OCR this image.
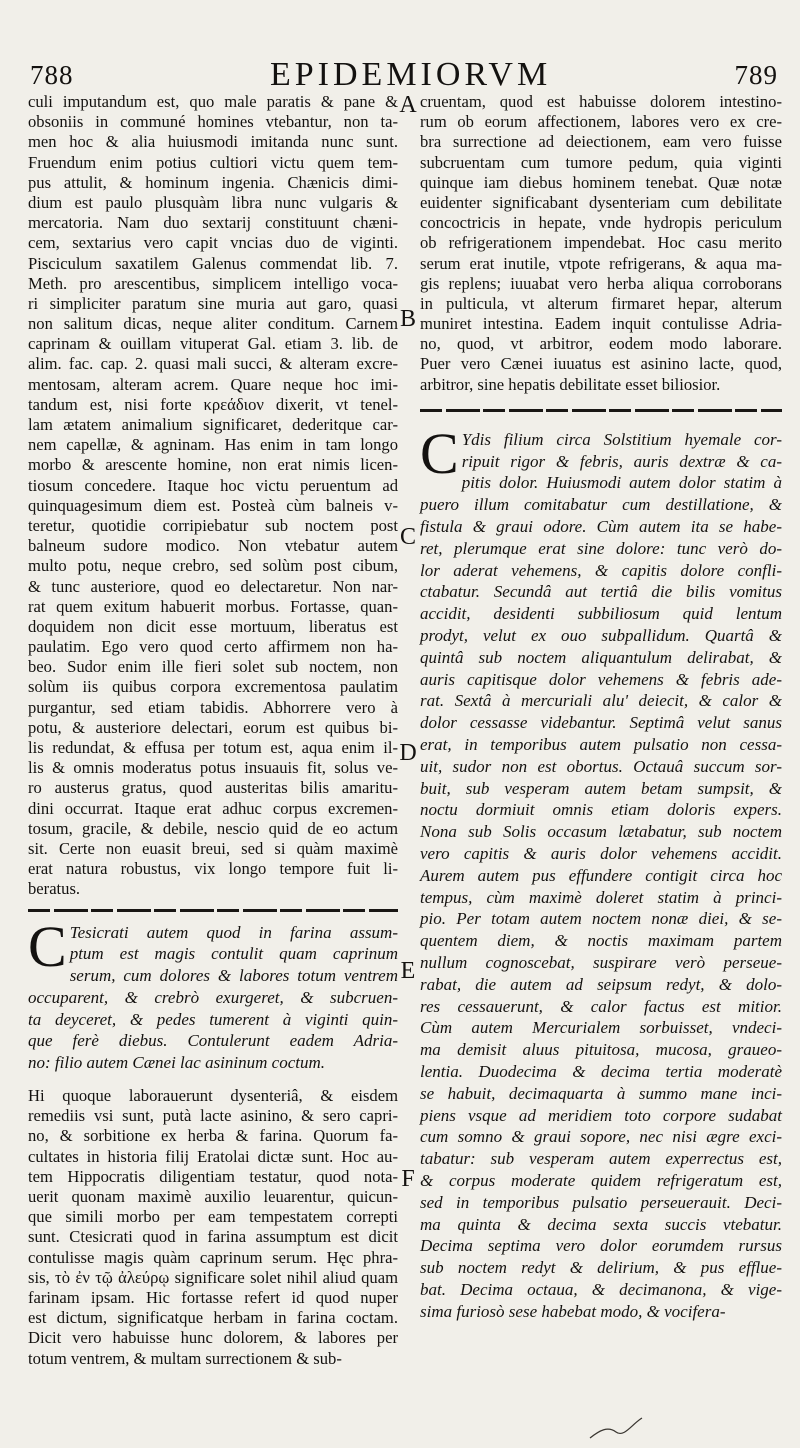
788	EPIDEMIORVM	789
A
B
C
D
E
F
culi imputandum est, quo male paratis & pane &
obsoniis in communé homines vtebantur, non ta-
men hoc & alia huiusmodi imitanda nunc sunt.
Fruendum enim potius cultiori victu quem tem-
pus attulit, & hominum ingenia. Chænicis dimi-
dium est paulo plusquàm libra nunc vulgaris &
mercatoria. Nam duo sextarij constituunt chæni-
cem, sextarius vero capit vncias duo de viginti.
Pisciculum saxatilem Galenus commendat lib. 7.
Meth. pro arescentibus, simplicem intelligo voca-
ri simpliciter paratum sine muria aut garo, quasi
non salitum dicas, neque aliter conditum. Carnem
caprinam & ouillam vituperat Gal. etiam 3. lib. de
alim. fac. cap. 2. quasi mali succi, & alteram excre-
mentosam, alteram acrem. Quare neque hoc imi-
tandum est, nisi forte κρεάδιον dixerit, vt tenel-
lam ætatem animalium significaret, dederitque car-
nem capellæ, & agninam. Has enim in tam longo
morbo & arescente homine, non erat nimis licen-
tiosum concedere. Itaque hoc victu peruentum ad
quinquagesimum diem est. Posteà cùm balneis v-
teretur, quotidie corripiebatur sub noctem post
balneum sudore modico. Non vtebatur autem
multo potu, neque crebro, sed solùm post cibum,
& tunc austeriore, quod eo delectaretur. Non nar-
rat quem exitum habuerit morbus. Fortasse, quan-
doquidem non dicit esse mortuum, liberatus est
paulatim. Ego vero quod certo affirmem non ha-
beo. Sudor enim ille fieri solet sub noctem, non
solùm iis quibus corpora excrementosa paulatim
purgantur, sed etiam tabidis. Abhorrere vero à
potu, & austeriore delectari, eorum est quibus bi-
lis redundat, & effusa per totum est, aqua enim il-
lis & omnis moderatus potus insuauis fit, solus ve-
ro austerus gratus, quod austeritas bilis amaritu-
dini occurrat. Itaque erat adhuc corpus excremen-
tosum, gracile, & debile, nescio quid de eo actum
sit. Certe non euasit breui, sed si quàm maximè
erat natura robustus, vix longo tempore fuit li-
beratus.
C Tesicrati autem quod in farina assum-
ptum est magis contulit quam caprinum
serum, cum dolores & labores totum ventrem
occuparent, & crebrò exurgeret, & subcruen-
ta deyceret, & pedes tumerent à viginti quin-
que ferè diebus. Contulerunt eadem Adria-
no: filio autem Cænei lac asininum coctum.
Hi quoque laborauerunt dysenteriâ, & eisdem
remediis vsi sunt, putà lacte asinino, & sero capri-
no, & sorbitione ex herba & farina. Quorum fa-
cultates in historia filij Eratolai dictæ sunt. Hoc au-
tem Hippocratis diligentiam testatur, quod nota-
uerit quonam maximè auxilio leuarentur, quicun-
que simili morbo per eam tempestatem correpti
sunt. Ctesicrati quod in farina assumptum est dicit
contulisse magis quàm caprinum serum. Hęc phra-
sis, τὸ ἐν τῷ ἀλεύρῳ significare solet nihil aliud quam
farinam ipsam. Hic fortasse refert id quod nuper
est dictum, significatque herbam in farina coctam.
Dicit vero habuisse hunc dolorem, & labores per
totum ventrem, & multam surrectionem & sub-
cruentam, quod est habuisse dolorem intestino-
rum ob eorum affectionem, labores vero ex cre-
bra surrectione ad deiectionem, eam vero fuisse
subcruentam cum tumore pedum, quia viginti
quinque iam diebus hominem tenebat. Quæ notæ
euidenter significabant dysenteriam cum debilitate
concoctricis in hepate, vnde hydropis periculum
ob refrigerationem impendebat. Hoc casu merito
serum erat inutile, vtpote refrigerans, & aqua ma-
gis replens; iuuabat vero herba aliqua corroborans
in pulticula, vt alterum firmaret hepar, alterum
muniret intestina. Eadem inquit contulisse Adria-
no, quod, vt arbitror, eodem modo laborare.
Puer vero Cænei iuuatus est asinino lacte, quod,
arbitror, sine hepatis debilitate esset biliosior.
C Ydis filium circa Solstitium hyemale cor-
ripuit rigor & febris, auris dextræ & ca-
pitis dolor. Huiusmodi autem dolor statim à
puero illum comitabatur cum destillatione, &
fistula & graui odore. Cùm autem ita se habe-
ret, plerumque erat sine dolore: tunc verò do-
lor aderat vehemens, & capitis dolore confli-
ctabatur. Secundâ aut tertiâ die bilis vomitus
accidit, desidenti subbiliosum quid lentum
prodyt, velut ex ouo subpallidum. Quartâ &
quintâ sub noctem aliquantulum delirabat, &
auris capitisque dolor vehemens & febris ade-
rat. Sextâ à mercuriali alu' deiecit, & calor &
dolor cessasse videbantur. Septimâ velut sanus
erat, in temporibus autem pulsatio non cessa-
uit, sudor non est obortus. Octauâ succum sor-
buit, sub vesperam autem betam sumpsit, &
noctu dormiuit omnis etiam doloris expers.
Nona sub Solis occasum lætabatur, sub noctem
vero capitis & auris dolor vehemens accidit.
Aurem autem pus effundere contigit circa hoc
tempus, cùm maximè doleret statim à princi-
pio. Per totam autem noctem nonæ diei, & se-
quentem diem, & noctis maximam partem
nullum cognoscebat, suspirare verò perseue-
rabat, die autem ad seipsum redyt, & dolo-
res cessauerunt, & calor factus est mitior.
Cùm autem Mercurialem sorbuisset, vndeci-
ma demisit aluus pituitosa, mucosa, graueo-
lentia. Duodecima & decima tertia moderatè
se habuit, decimaquarta à summo mane inci-
piens vsque ad meridiem toto corpore sudabat
cum somno & graui sopore, nec nisi ægre exci-
tabatur: sub vesperam autem experrectus est,
& corpus moderate quidem refrigeratum est,
sed in temporibus pulsatio perseuerauit. Deci-
ma quinta & decima sexta succis vtebatur.
Decima septima vero dolor eorumdem rursus
sub noctem redyt & delirium, & pus effluе-
bat. Decima octaua, & decimanona, & vige-
sima furiosò sese habebat modo, & vocifera-
